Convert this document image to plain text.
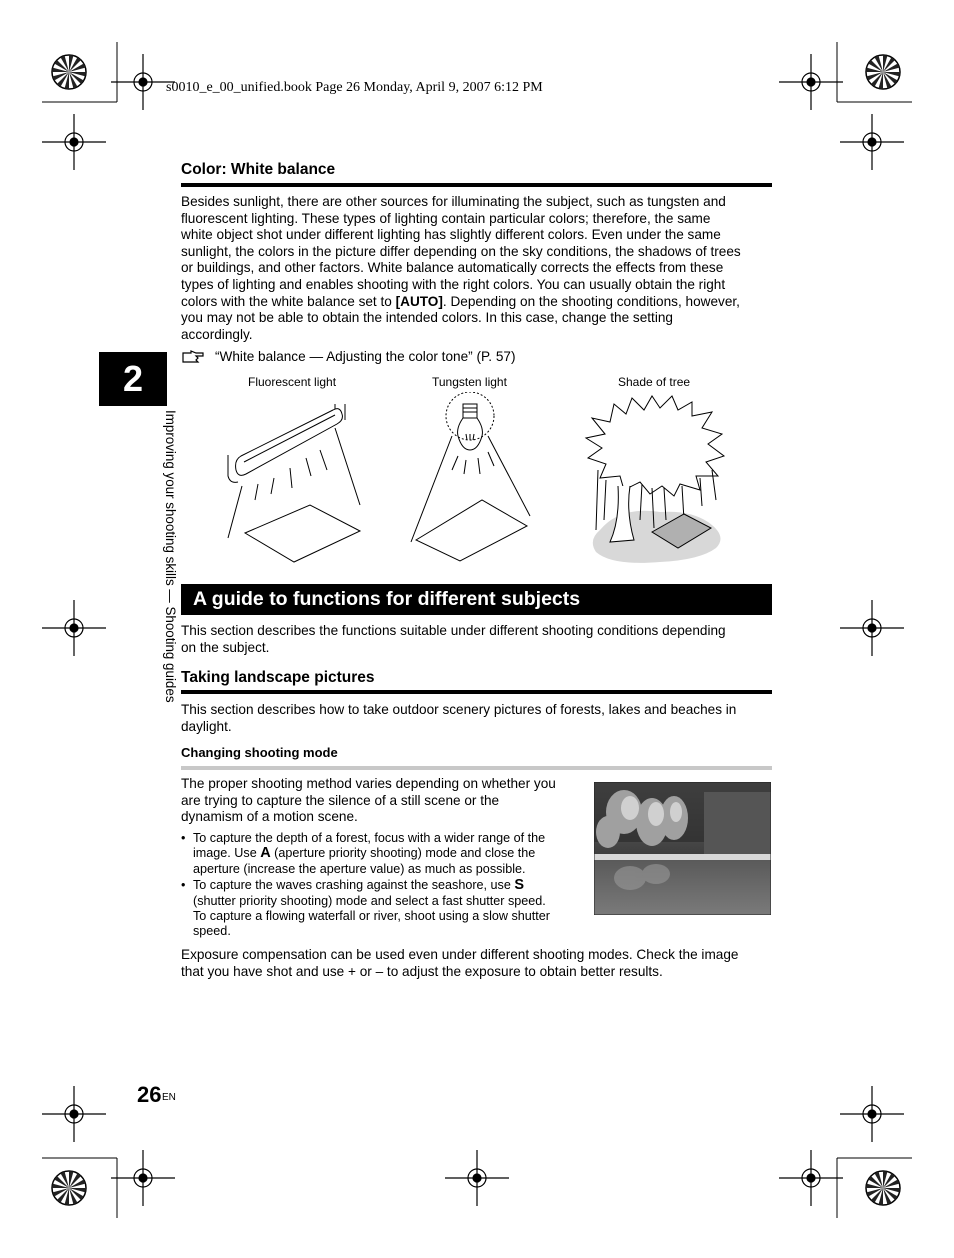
s0010_e_00_unified.book Page 26 Monday, April 9, 2007 6:12 PM
2
Improving your shooting skills — Shooting guides
Color: White balance
Besides sunlight, there are other sources for illuminating the subject, such as tungsten and
fluorescent lighting. These types of lighting contain particular colors; therefore, the same
white object shot under different lighting has slightly different colors. Even under the same
sunlight, the colors in the picture differ depending on the sky conditions, the shadows of trees
or buildings, and other factors. White balance automatically corrects the effects from these
types of lighting and enables shooting with the right colors. You can usually obtain the right
colors with the white balance set to [AUTO]. Depending on the shooting conditions, however,
you may not be able to obtain the intended colors. In this case, change the setting
accordingly.
“White balance — Adjusting the color tone” (P. 57)
Fluorescent light	Tungsten light	Shade of tree
A guide to functions for different subjects
This section describes the functions suitable under different shooting conditions depending
on the subject.
Taking landscape pictures
This section describes how to take outdoor scenery pictures of forests, lakes and beaches in
daylight.
Changing shooting mode
The proper shooting method varies depending on whether you
are trying to capture the silence of a still scene or the
dynamism of a motion scene.
• To capture the depth of a forest, focus with a wider range of the
image. Use A (aperture priority shooting) mode and close the
aperture (increase the aperture value) as much as possible.
• To capture the waves crashing against the seashore, use S
(shutter priority shooting) mode and select a fast shutter speed.
To capture a flowing waterfall or river, shoot using a slow shutter
speed.
Exposure compensation can be used even under different shooting modes. Check the image
that you have shot and use + or – to adjust the exposure to obtain better results.
26 EN
